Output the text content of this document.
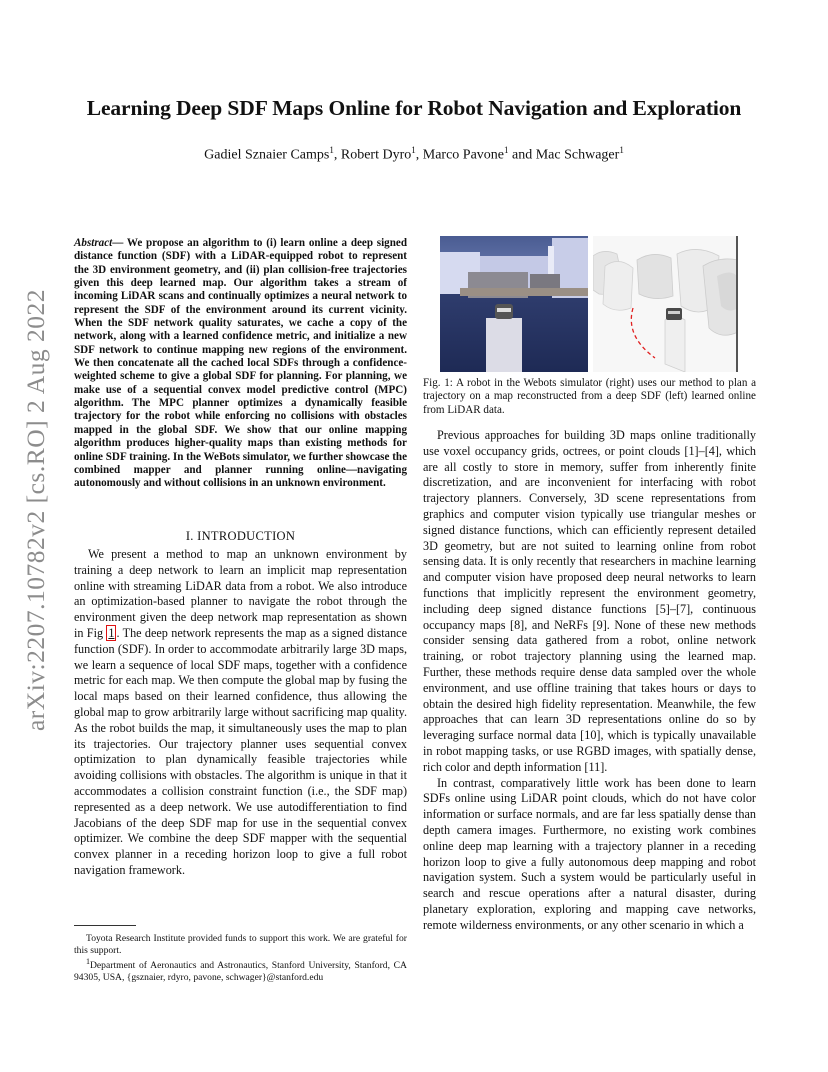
Learning Deep SDF Maps Online for Robot Navigation and Exploration
Gadiel Sznaier Camps$^1$, Robert Dyro$^1$, Marco Pavone$^1$ and Mac Schwager$^1$
arXiv:2207.10782v2 [cs.RO] 2 Aug 2022
Abstract— We propose an algorithm to (i) learn online a deep signed distance function (SDF) with a LiDAR-equipped robot to represent the 3D environment geometry, and (ii) plan collision-free trajectories given this deep learned map. Our algorithm takes a stream of incoming LiDAR scans and continually optimizes a neural network to represent the SDF of the environment around its current vicinity. When the SDF network quality saturates, we cache a copy of the network, along with a learned confidence metric, and initialize a new SDF network to continue mapping new regions of the environment. We then concatenate all the cached local SDFs through a confidence-weighted scheme to give a global SDF for planning. For planning, we make use of a sequential convex model predictive control (MPC) algorithm. The MPC planner optimizes a dynamically feasible trajectory for the robot while enforcing no collisions with obstacles mapped in the global SDF. We show that our online mapping algorithm produces higher-quality maps than existing methods for online SDF training. In the WeBots simulator, we further showcase the combined mapper and planner running online—navigating autonomously and without collisions in an unknown environment.
I. INTRODUCTION

We present a method to map an unknown environment by training a deep network to learn an implicit map representation online with streaming LiDAR data from a robot. We also introduce an optimization-based planner to navigate the robot through the environment given the deep network map representation as shown in Fig 1 . The deep network represents the map as a signed distance function (SDF). In order to accommodate arbitrarily large 3D maps, we learn a sequence of local SDF maps, together with a confidence metric for each map. We then compute the global map by fusing the local maps based on their learned confidence, thus allowing the global map to grow arbitrarily large without sacrificing map quality. As the robot builds the map, it simultaneously uses the map to plan its trajectories. Our trajectory planner uses sequential convex optimization to plan dynamically feasible trajectories while avoiding collisions with obstacles. The algorithm is unique in that it accommodates a collision constraint function (i.e., the SDF map) represented as a deep network. We use autodifferentiation to find Jacobians of the deep SDF map for use in the sequential convex optimizer. We combine the deep SDF mapper with the sequential convex planner in a receding horizon loop to give a full robot navigation framework.

Toyota Research Institute provided funds to support this work. We are grateful for this support.

$^1$Department of Aeronautics and Astronautics, Stanford University, Stanford, CA 94305, USA, {gsznaier, rdyro, pavone, schwager}@stanford.edu

Fig. 1: A robot in the Webots simulator (right) uses our method to plan a trajectory on a map reconstructed from a deep SDF (left) learned online from LiDAR data.

Previous approaches for building 3D maps online traditionally use voxel occupancy grids, octrees, or point clouds [1]–[4], which are all costly to store in memory, suffer from inherently finite discretization, and are inconvenient for interfacing with robot trajectory planners. Conversely, 3D scene representations from graphics and computer vision typically use triangular meshes or signed distance functions, which can efficiently represent detailed 3D geometry, but are not suited to learning online from robot sensing data. It is only recently that researchers in machine learning and computer vision have proposed deep neural networks to learn functions that implicitly represent the environment geometry, including deep signed distance functions [5]–[7], continuous occupancy maps [8], and NeRFs [9]. None of these new methods consider sensing data gathered from a robot, online network training, or robot trajectory planning using the learned map. Further, these methods require dense data sampled over the whole environment, and use offline training that takes hours or days to obtain the desired high fidelity representation. Meanwhile, the few approaches that can learn 3D representations online do so by leveraging surface normal data [10], which is typically unavailable in robot mapping tasks, or use RGBD images, with spatially dense, rich color and depth information [11].

In contrast, comparatively little work has been done to learn SDFs online using LiDAR point clouds, which do not have color information or surface normals, and are far less spatially dense than depth camera images. Furthermore, no existing work combines online deep map learning with a trajectory planner in a receding horizon loop to give a fully autonomous deep mapping and robot navigation system. Such a system would be particularly useful in search and rescue operations after a natural disaster, during planetary exploration, exploring and mapping cave networks, remote wilderness environments, or any other scenario in which a
